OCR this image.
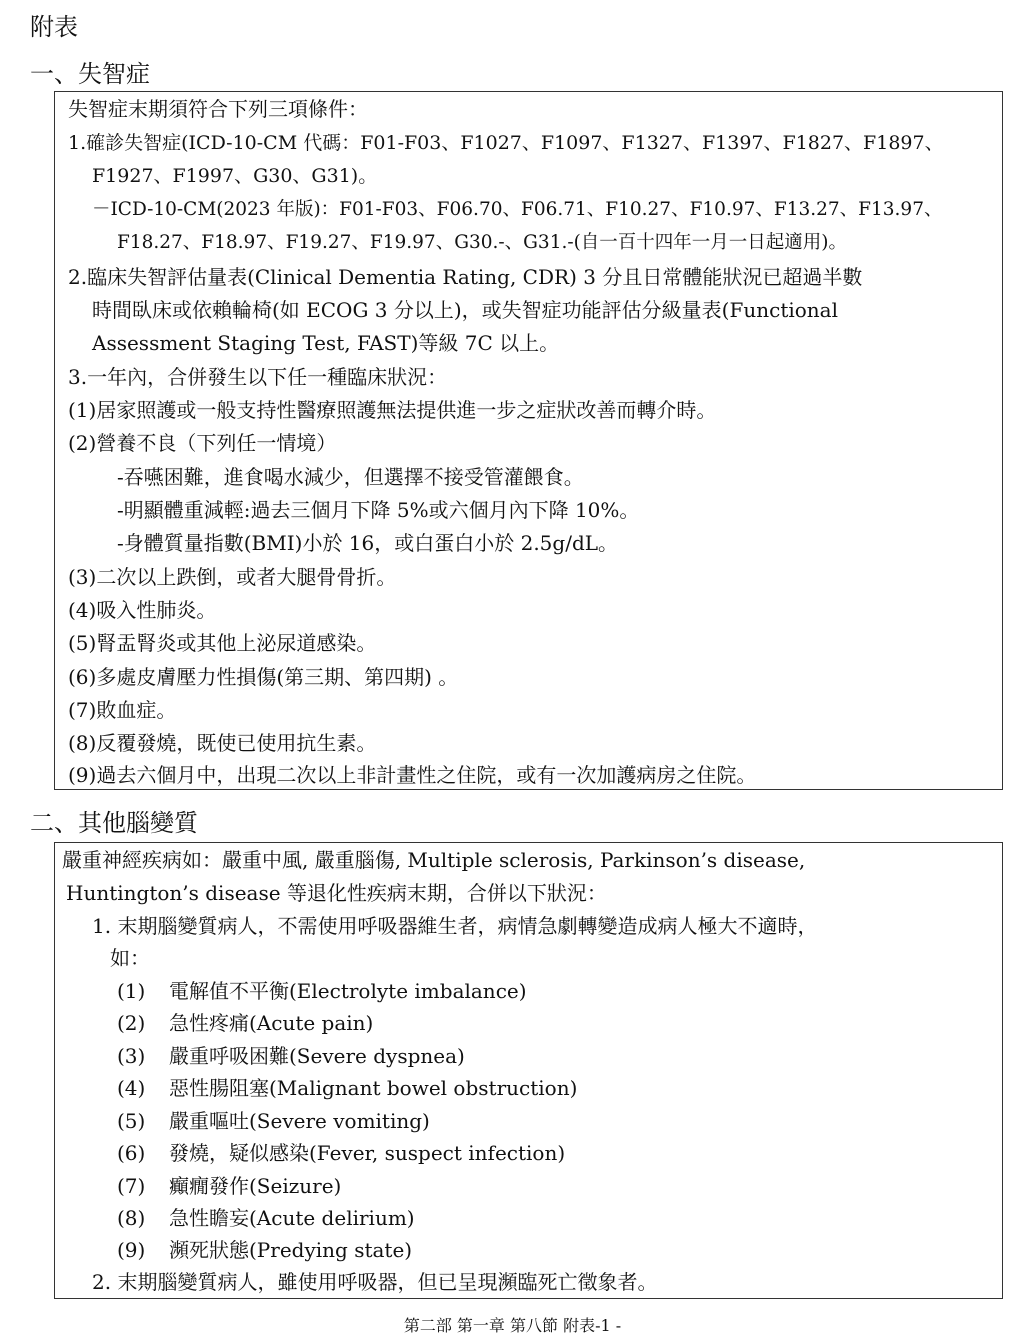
附表
一、失智症
失智症末期須符合下列三項條件：
1.確診失智症(ICD-10-CM 代碼：F01-F03、F1027、F1097、F1327、F1397、F1827、F1897、
F1927、F1997、G30、G31)。
－ICD-10-CM(2023 年版)：F01-F03、F06.70、F06.71、F10.27、F10.97、F13.27、F13.97、
F18.27、F18.97、F19.27、F19.97、G30.-、G31.-(自一百十四年一月一日起適用)。
2.臨床失智評估量表(Clinical Dementia Rating, CDR) 3 分且日常體能狀況已超過半數
時間臥床或依賴輪椅(如 ECOG 3 分以上)，或失智症功能評估分級量表(Functional
Assessment Staging Test, FAST)等級 7C 以上。
3.一年內，合併發生以下任一種臨床狀況：
(1)居家照護或一般支持性醫療照護無法提供進一步之症狀改善而轉介時。
(2)營養不良（下列任一情境）
-吞嚥困難，進食喝水減少，但選擇不接受管灌餵食。
-明顯體重減輕:過去三個月下降 5%或六個月內下降 10%。
-身體質量指數(BMI)小於 16，或白蛋白小於 2.5g/dL。
(3)二次以上跌倒，或者大腿骨骨折。
(4)吸入性肺炎。
(5)腎盂腎炎或其他上泌尿道感染。
(6)多處皮膚壓力性損傷(第三期、第四期) 。
(7)敗血症。
(8)反覆發燒，既使已使用抗生素。
(9)過去六個月中，出現二次以上非計畫性之住院，或有一次加護病房之住院。
二、其他腦變質
嚴重神經疾病如：嚴重中風, 嚴重腦傷, Multiple sclerosis, Parkinson’s disease,
Huntington’s disease 等退化性疾病末期，合併以下狀況：
1. 末期腦變質病人，不需使用呼吸器維生者，病情急劇轉變造成病人極大不適時，
如：
(1) 電解值不平衡(Electrolyte imbalance)
(2) 急性疼痛(Acute pain)
(3) 嚴重呼吸困難(Severe dyspnea)
(4) 惡性腸阻塞(Malignant bowel obstruction)
(5) 嚴重嘔吐(Severe vomiting)
(6) 發燒，疑似感染(Fever, suspect infection)
(7) 癲癇發作(Seizure)
(8) 急性瞻妄(Acute delirium)
(9) 瀕死狀態(Predying state)
2. 末期腦變質病人，雖使用呼吸器，但已呈現瀕臨死亡徵象者。
第二部 第一章 第八節 附表-1 -
